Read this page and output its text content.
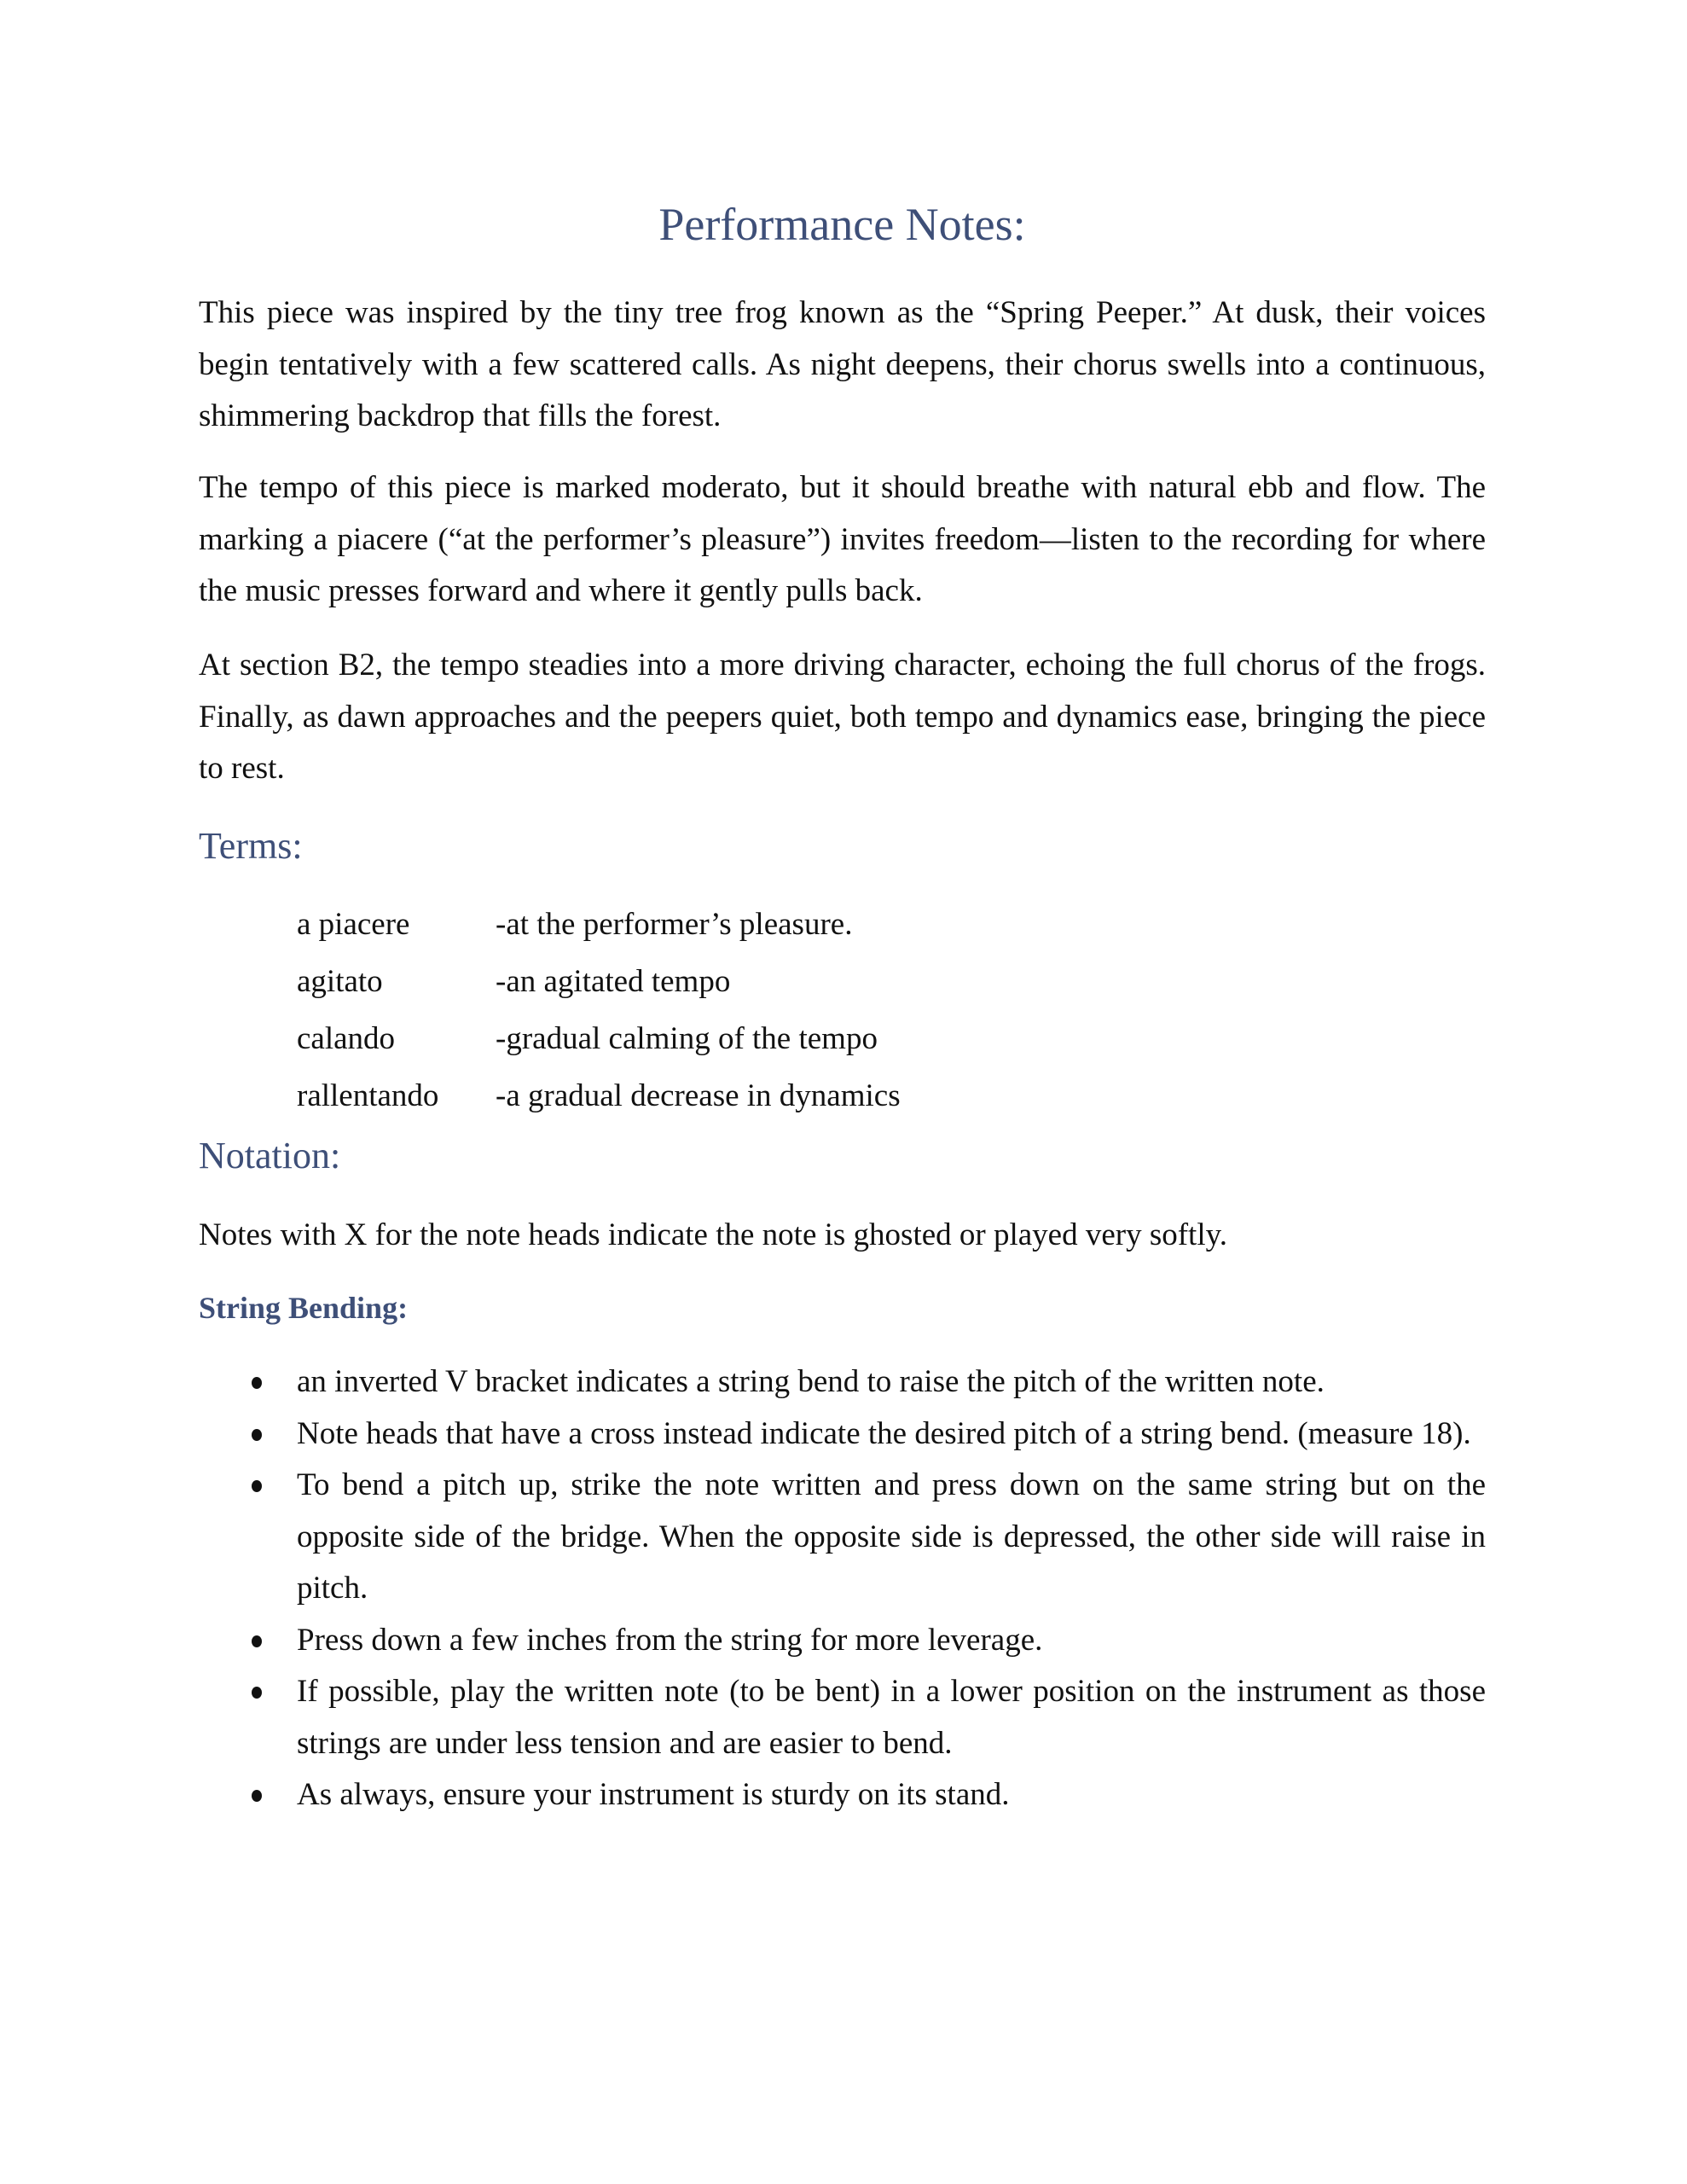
Performance Notes:

This piece was inspired by the tiny tree frog known as the “Spring Peeper.” At dusk, their voices begin tentatively with a few scattered calls. As night deepens, their chorus swells into a continuous, shimmering backdrop that fills the forest.

The tempo of this piece is marked moderato, but it should breathe with natural ebb and flow. The marking a piacere (“at the performer’s pleasure”) invites freedom—listen to the recording for where the music presses forward and where it gently pulls back.

At section B2, the tempo steadies into a more driving character, echoing the full chorus of the frogs. Finally, as dawn approaches and the peepers quiet, both tempo and dynamics ease, bringing the piece to rest.

Terms:
a piacere	-at the performer’s pleasure.
agitato	-an agitated tempo
calando	-gradual calming of the tempo
rallentando	-a gradual decrease in dynamics
Notation:

Notes with X for the note heads indicate the note is ghosted or played very softly.

String Bending:
an inverted V bracket indicates a string bend to raise the pitch of the written note.
Note heads that have a cross instead indicate the desired pitch of a string bend. (measure 18).
To bend a pitch up, strike the note written and press down on the same string but on the opposite side of the bridge. When the opposite side is depressed, the other side will raise in pitch.
Press down a few inches from the string for more leverage.
If possible, play the written note (to be bent) in a lower position on the instrument as those strings are under less tension and are easier to bend.
As always, ensure your instrument is sturdy on its stand.
